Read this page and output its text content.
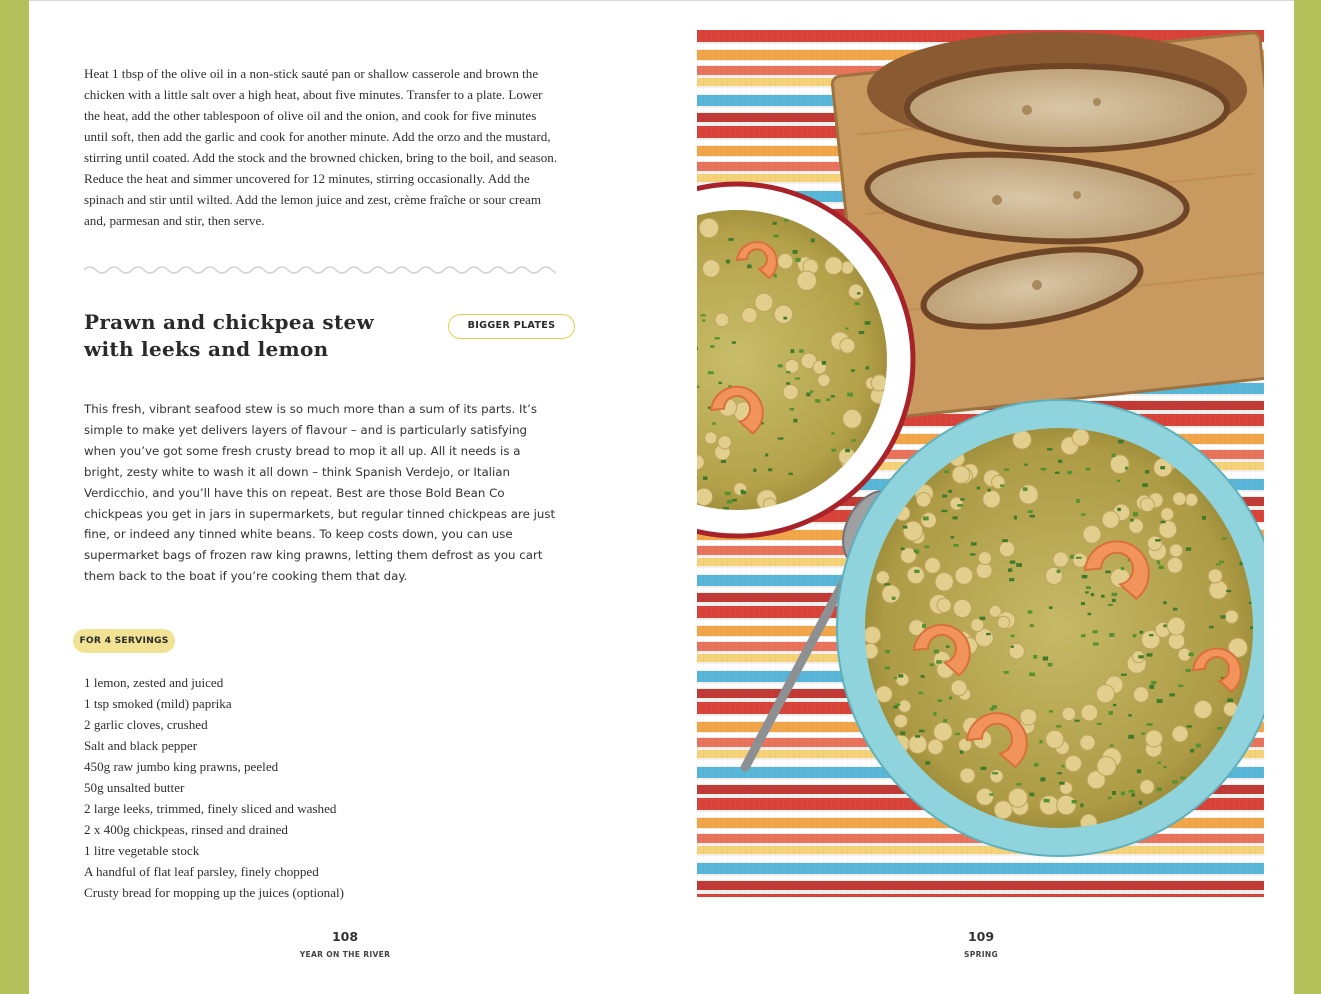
Heat 1 tbsp of the olive oil in a non-stick sauté pan or shallow casserole and brown the chicken with a little salt over a high heat, about five minutes. Transfer to a plate. Lower the heat, add the other tablespoon of olive oil and the onion, and cook for five minutes until soft, then add the garlic and cook for another minute. Add the orzo and the mustard, stirring until coated. Add the stock and the browned chicken, bring to the boil, and season. Reduce the heat and simmer uncovered for 12 minutes, stirring occasionally. Add the spinach and stir until wilted. Add the lemon juice and zest, crème fraîche or sour cream and, parmesan and stir, then serve.

Prawn and chickpea stew with leeks and lemon
BIGGER PLATES

This fresh, vibrant seafood stew is so much more than a sum of its parts. It’s simple to make yet delivers layers of flavour – and is particularly satisfying when you’ve got some fresh crusty bread to mop it all up. All it needs is a bright, zesty white to wash it all down – think Spanish Verdejo, or Italian Verdicchio, and you’ll have this on repeat. Best are those Bold Bean Co chickpeas you get in jars in supermarkets, but regular tinned chickpeas are just fine, or indeed any tinned white beans. To keep costs down, you can use supermarket bags of frozen raw king prawns, letting them defrost as you cart them back to the boat if you’re cooking them that day.

FOR 4 SERVINGS
1 lemon, zested and juiced
1 tsp smoked (mild) paprika
2 garlic cloves, crushed
Salt and black pepper
450g raw jumbo king prawns, peeled
50g unsalted butter
2 large leeks, trimmed, finely sliced and washed
2 x 400g chickpeas, rinsed and drained
1 litre vegetable stock
A handful of flat leaf parsley, finely chopped
Crusty bread for mopping up the juices (optional)
108
YEAR ON THE RIVER
109
SPRING
